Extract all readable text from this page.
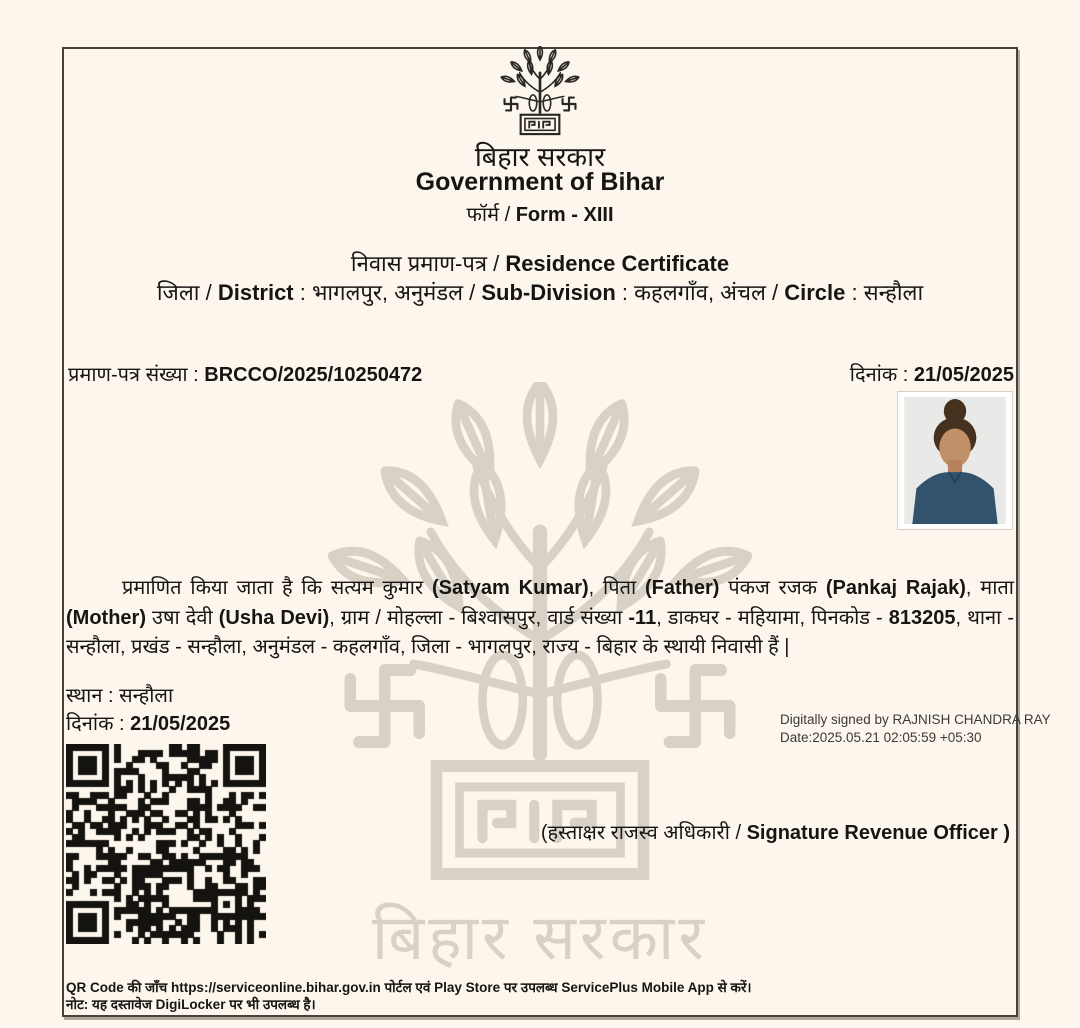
बिहार सरकार
बिहार सरकार
Government of Bihar
फॉर्म / Form - XIII
निवास प्रमाण-पत्र / Residence Certificate
जिला / District : भागलपुर, अनुमंडल / Sub-Division : कहलगाँव, अंचल / Circle : सन्हौला
प्रमाण-पत्र संख्या : BRCCO/2025/10250472	दिनांक : 21/05/2025
प्रमाणित किया जाता है कि सत्यम कुमार (Satyam Kumar), पिता (Father) पंकज रजक (Pankaj Rajak), माता (Mother) उषा देवी (Usha Devi), ग्राम / मोहल्ला - बिश्वासपुर, वार्ड संख्या -11, डाकघर - महियामा, पिनकोड - 813205, थाना - सन्हौला, प्रखंड - सन्हौला, अनुमंडल - कहलगाँव, जिला - भागलपुर, राज्य - बिहार के स्थायी निवासी हैं |
स्थान : सन्हौला
दिनांक : 21/05/2025	Digitally signed by RAJNISH CHANDRA RAY
Date:2025.05.21 02:05:59 +05:30
(हस्ताक्षर राजस्व अधिकारी / Signature Revenue Officer )
QR Code की जाँच https://serviceonline.bihar.gov.in पोर्टल एवं Play Store पर उपलब्ध ServicePlus Mobile App से करें।
नोट: यह दस्तावेज DigiLocker पर भी उपलब्ध है।
